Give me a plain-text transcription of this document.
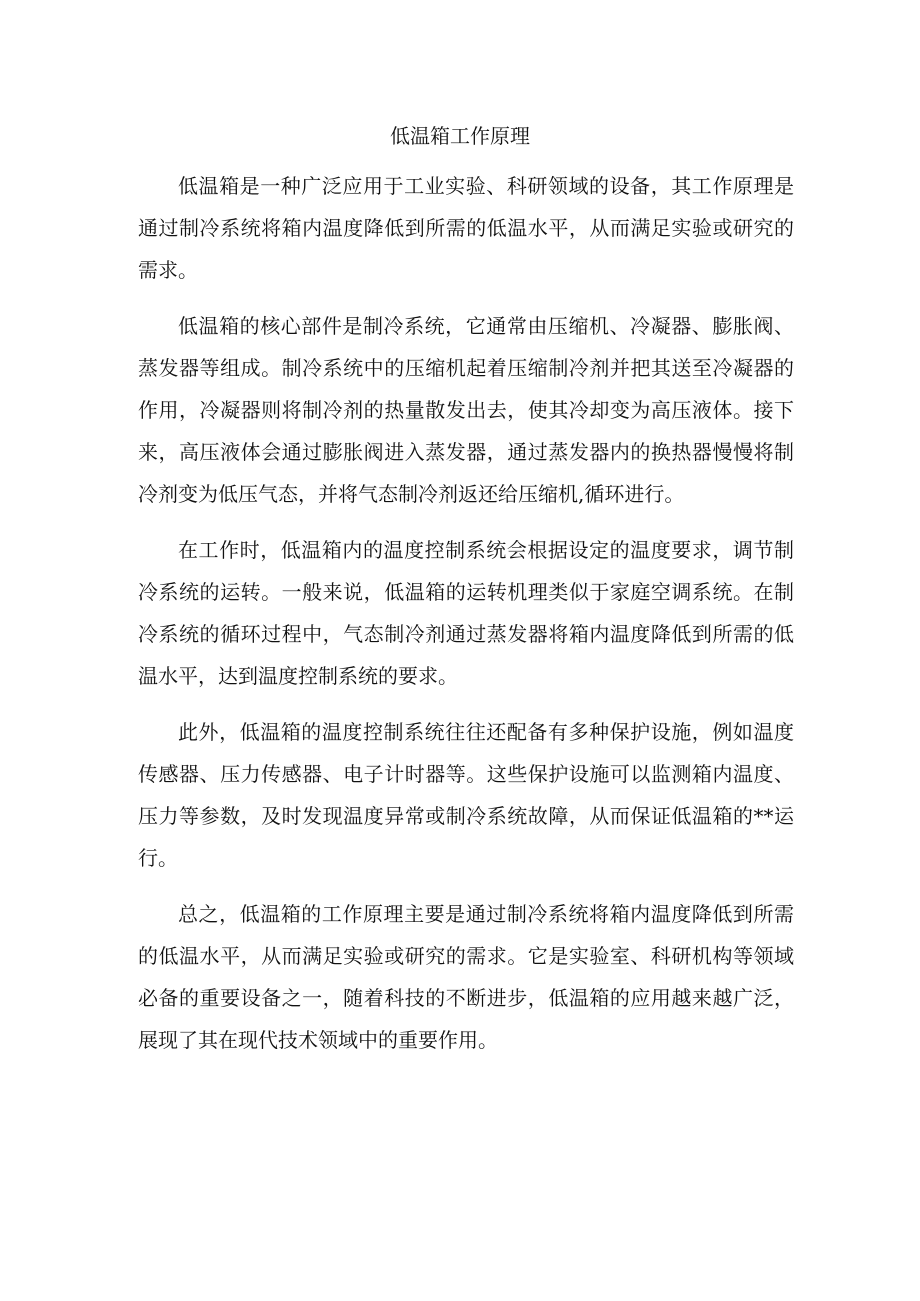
低温箱工作原理

低温箱是一种广泛应用于工业实验、科研领域的设备，其工作原理是通过制冷系统将箱内温度降低到所需的低温水平，从而满足实验或研究的需求。

低温箱的核心部件是制冷系统，它通常由压缩机、冷凝器、膨胀阀、蒸发器等组成。制冷系统中的压缩机起着压缩制冷剂并把其送至冷凝器的作用，冷凝器则将制冷剂的热量散发出去，使其冷却变为高压液体。接下来，高压液体会通过膨胀阀进入蒸发器，通过蒸发器内的换热器慢慢将制冷剂变为低压气态，并将气态制冷剂返还给压缩机,循环进行。

在工作时，低温箱内的温度控制系统会根据设定的温度要求，调节制冷系统的运转。一般来说，低温箱的运转机理类似于家庭空调系统。在制冷系统的循环过程中，气态制冷剂通过蒸发器将箱内温度降低到所需的低温水平，达到温度控制系统的要求。

此外，低温箱的温度控制系统往往还配备有多种保护设施，例如温度传感器、压力传感器、电子计时器等。这些保护设施可以监测箱内温度、压力等参数，及时发现温度异常或制冷系统故障，从而保证低温箱的**运行。

总之，低温箱的工作原理主要是通过制冷系统将箱内温度降低到所需的低温水平，从而满足实验或研究的需求。它是实验室、科研机构等领域必备的重要设备之一，随着科技的不断进步，低温箱的应用越来越广泛，展现了其在现代技术领域中的重要作用。
